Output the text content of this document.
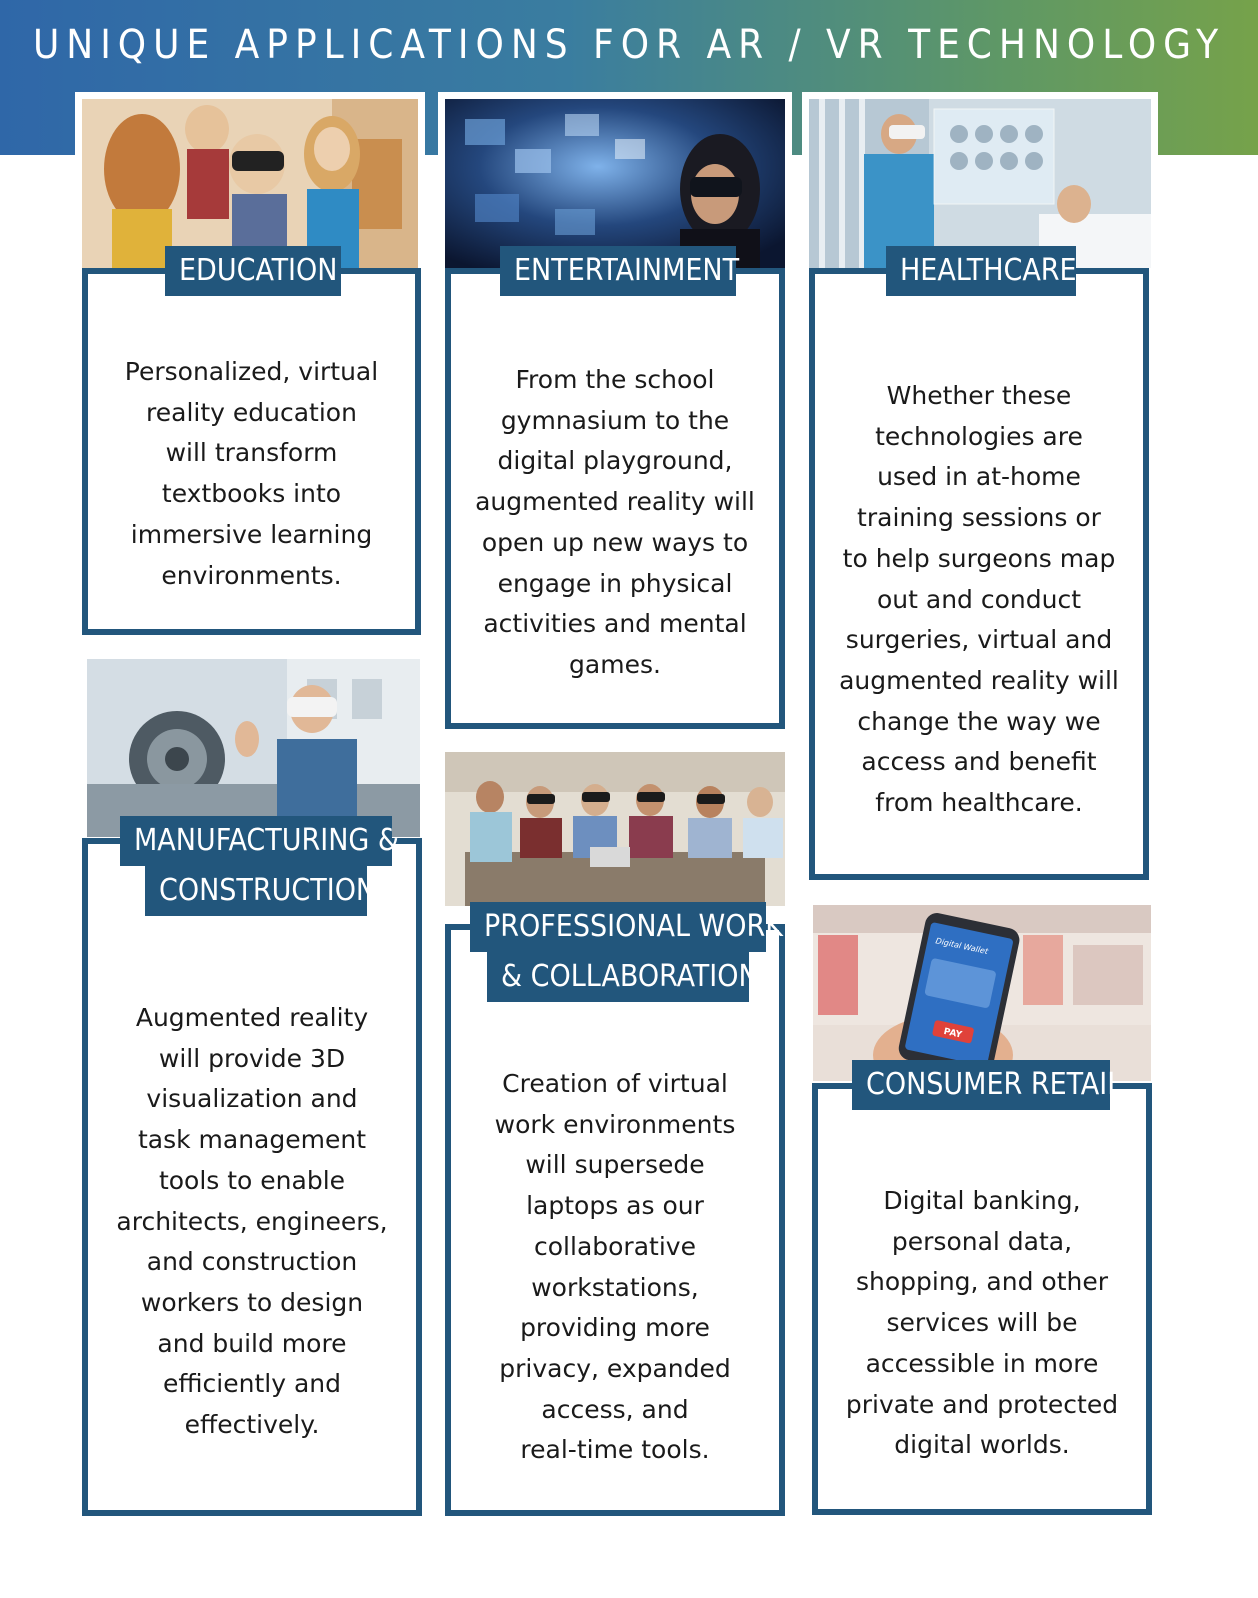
UNIQUE APPLICATIONS FOR AR / VR TECHNOLOGY
Personalized, virtual
reality education
will transform
textbooks into
immersive learning
environments.
EDUCATION
From the school
gymnasium to the
digital playground,
augmented reality will
open up new ways to
engage in physical
activities and mental
games.
ENTERTAINMENT
Whether these
technologies are
used in at-home
training sessions or
to help surgeons map
out and conduct
surgeries, virtual and
augmented reality will
change the way we
access and benefit
from healthcare.
HEALTHCARE
Augmented reality
will provide 3D
visualization and
task management
tools to enable
architects, engineers,
and construction
workers to design
and build more
efficiently and
effectively.
MANUFACTURING &
CONSTRUCTION
Creation of virtual
work environments
will supersede
laptops as our
collaborative
workstations,
providing more
privacy, expanded
access, and
real-time tools.
PROFESSIONAL WORK
& COLLABORATION
PAY
Digital Wallet
Digital banking,
personal data,
shopping, and other
services will be
accessible in more
private and protected
digital worlds.
CONSUMER RETAIL
